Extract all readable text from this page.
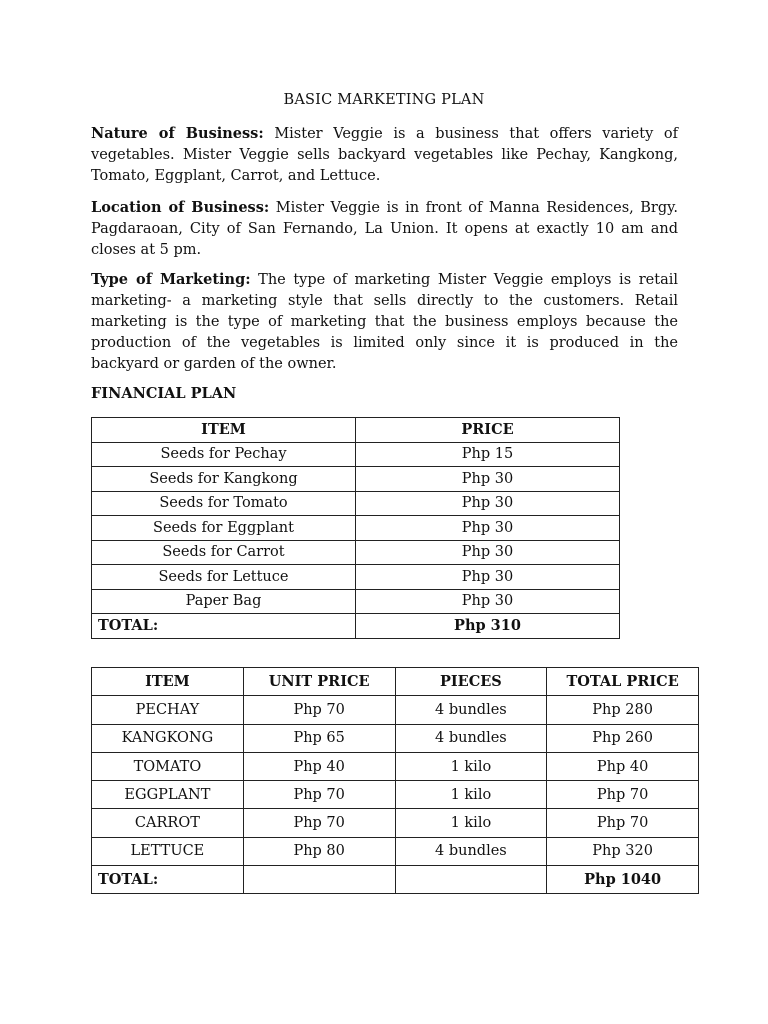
BASIC MARKETING PLAN

Nature of Business: Mister Veggie is a business that offers variety of vegetables. Mister Veggie sells backyard vegetables like Pechay, Kangkong, Tomato, Eggplant, Carrot, and Lettuce.

Location of Business: Mister Veggie is in front of Manna Residences, Brgy. Pagdaraoan, City of San Fernando, La Union. It opens at exactly 10 am and closes at 5 pm.

Type of Marketing: The type of marketing Mister Veggie employs is retail marketing- a marketing style that sells directly to the customers. Retail marketing is the type of marketing that the business employs because the production of the vegetables is limited only since it is produced in the backyard or garden of the owner.

FINANCIAL PLAN
ITEM	PRICE
Seeds for Pechay	Php 15
Seeds for Kangkong	Php 30
Seeds for Tomato	Php 30
Seeds for Eggplant	Php 30
Seeds for Carrot	Php 30
Seeds for Lettuce	Php 30
Paper Bag	Php 30
TOTAL:	Php 310
ITEM	UNIT PRICE	PIECES	TOTAL PRICE
PECHAY	Php 70	4 bundles	Php 280
KANGKONG	Php 65	4 bundles	Php 260
TOMATO	Php 40	1 kilo	Php 40
EGGPLANT	Php 70	1 kilo	Php 70
CARROT	Php 70	1 kilo	Php 70
LETTUCE	Php 80	4 bundles	Php 320
TOTAL:			Php 1040
